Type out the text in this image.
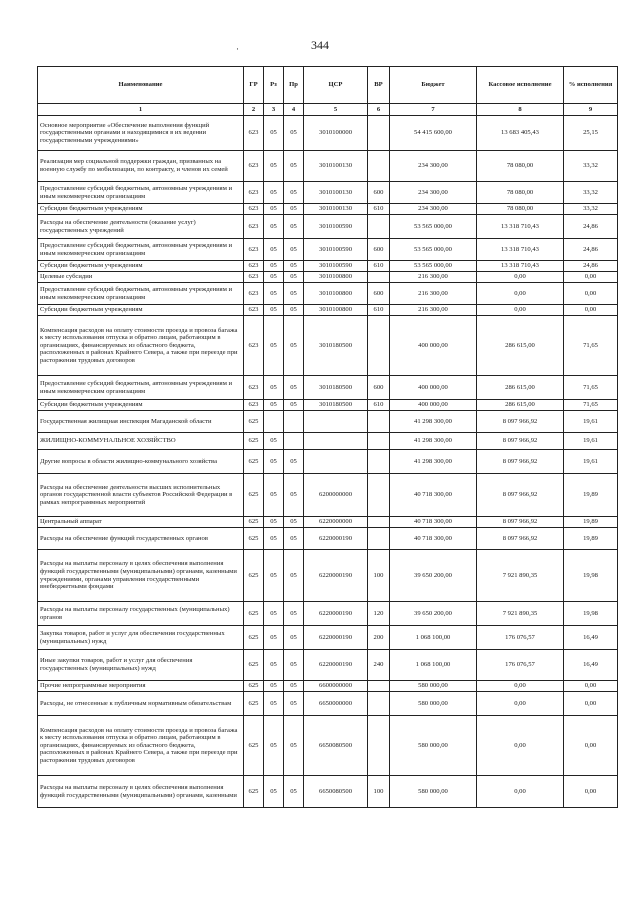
·	344
Наименование	ГР	Рз	Пр	ЦСР	ВР	Бюджет	Кассовое исполнение	% исполнения
1	2	3	4	5	6	7	8	9
Основное мероприятие «Обеспечение выполнения функций государственными органами и находящимися в их ведении государственными учреждениями»	623	05	05	3010100000		54 415 600,00	13 683 405,43	25,15
Реализация мер социальной поддержки граждан, призванных на военную службу по мобилизации, по контракту, и членов их семей	623	05	05	3010100130		234 300,00	78 080,00	33,32
Предоставление субсидий бюджетным, автономным учреждениям и иным некоммерческим организациям	623	05	05	3010100130	600	234 300,00	78 080,00	33,32
Субсидии бюджетным учреждениям	623	05	05	3010100130	610	234 300,00	78 080,00	33,32
Расходы на обеспечение деятельности (оказание услуг) государственных учреждений	623	05	05	3010100590		53 565 000,00	13 318 710,43	24,86
Предоставление субсидий бюджетным, автономным учреждениям и иным некоммерческим организациям	623	05	05	3010100590	600	53 565 000,00	13 318 710,43	24,86
Субсидии бюджетным учреждениям	623	05	05	3010100590	610	53 565 000,00	13 318 710,43	24,86
Целевые субсидии	623	05	05	3010100800		216 300,00	0,00	0,00
Предоставление субсидий бюджетным, автономным учреждениям и иным некоммерческим организациям	623	05	05	3010100800	600	216 300,00	0,00	0,00
Субсидии бюджетным учреждениям	623	05	05	3010100800	610	216 300,00	0,00	0,00
Компенсация расходов на оплату стоимости проезда и провоза багажа к месту использования отпуска и обратно лицам, работающим в организациях, финансируемых из областного бюджета, расположенных в районах Крайнего Севера, а также при переезде при расторжении трудовых договоров	623	05	05	3010180500		400 000,00	286 615,00	71,65
Предоставление субсидий бюджетным, автономным учреждениям и иным некоммерческим организациям	623	05	05	3010180500	600	400 000,00	286 615,00	71,65
Субсидии бюджетным учреждениям	623	05	05	3010180500	610	400 000,00	286 615,00	71,65
Государственная жилищная инспекция Магаданской области	625					41 298 300,00	8 097 966,92	19,61
ЖИЛИЩНО-КОММУНАЛЬНОЕ ХОЗЯЙСТВО	625	05				41 298 300,00	8 097 966,92	19,61
Другие вопросы в области жилищно-коммунального хозяйства	625	05	05			41 298 300,00	8 097 966,92	19,61
Расходы на обеспечение деятельности высших исполнительных органов государственной власти субъектов Российской Федерации в рамках непрограммных мероприятий	625	05	05	6200000000		40 718 300,00	8 097 966,92	19,89
Центральный аппарат	625	05	05	6220000000		40 718 300,00	8 097 966,92	19,89
Расходы на обеспечение функций государственных органов	625	05	05	6220000190		40 718 300,00	8 097 966,92	19,89
Расходы на выплаты персоналу в целях обеспечения выполнения функций государственными (муниципальными) органами, казенными учреждениями, органами управления государственными внебюджетными фондами	625	05	05	6220000190	100	39 650 200,00	7 921 890,35	19,98
Расходы на выплаты персоналу государственных (муниципальных) органов	625	05	05	6220000190	120	39 650 200,00	7 921 890,35	19,98
Закупка товаров, работ и услуг для обеспечения государственных (муниципальных) нужд	625	05	05	6220000190	200	1 068 100,00	176 076,57	16,49
Иные закупки товаров, работ и услуг для обеспечения государственных (муниципальных) нужд	625	05	05	6220000190	240	1 068 100,00	176 076,57	16,49
Прочие непрограммные мероприятия	625	05	05	6600000000		580 000,00	0,00	0,00
Расходы, не отнесенные к публичным нормативным обязательствам	625	05	05	6650000000		580 000,00	0,00	0,00
Компенсация расходов на оплату стоимости проезда и провоза багажа к месту использования отпуска и обратно лицам, работающим в организациях, финансируемых из областного бюджета, расположенных в районах Крайнего Севера, а также при переезде при расторжении трудовых договоров	625	05	05	6650080500		580 000,00	0,00	0,00
Расходы на выплаты персоналу в целях обеспечения выполнения функций государственными (муниципальными) органами, казенными	625	05	05	6650080500	100	580 000,00	0,00	0,00
